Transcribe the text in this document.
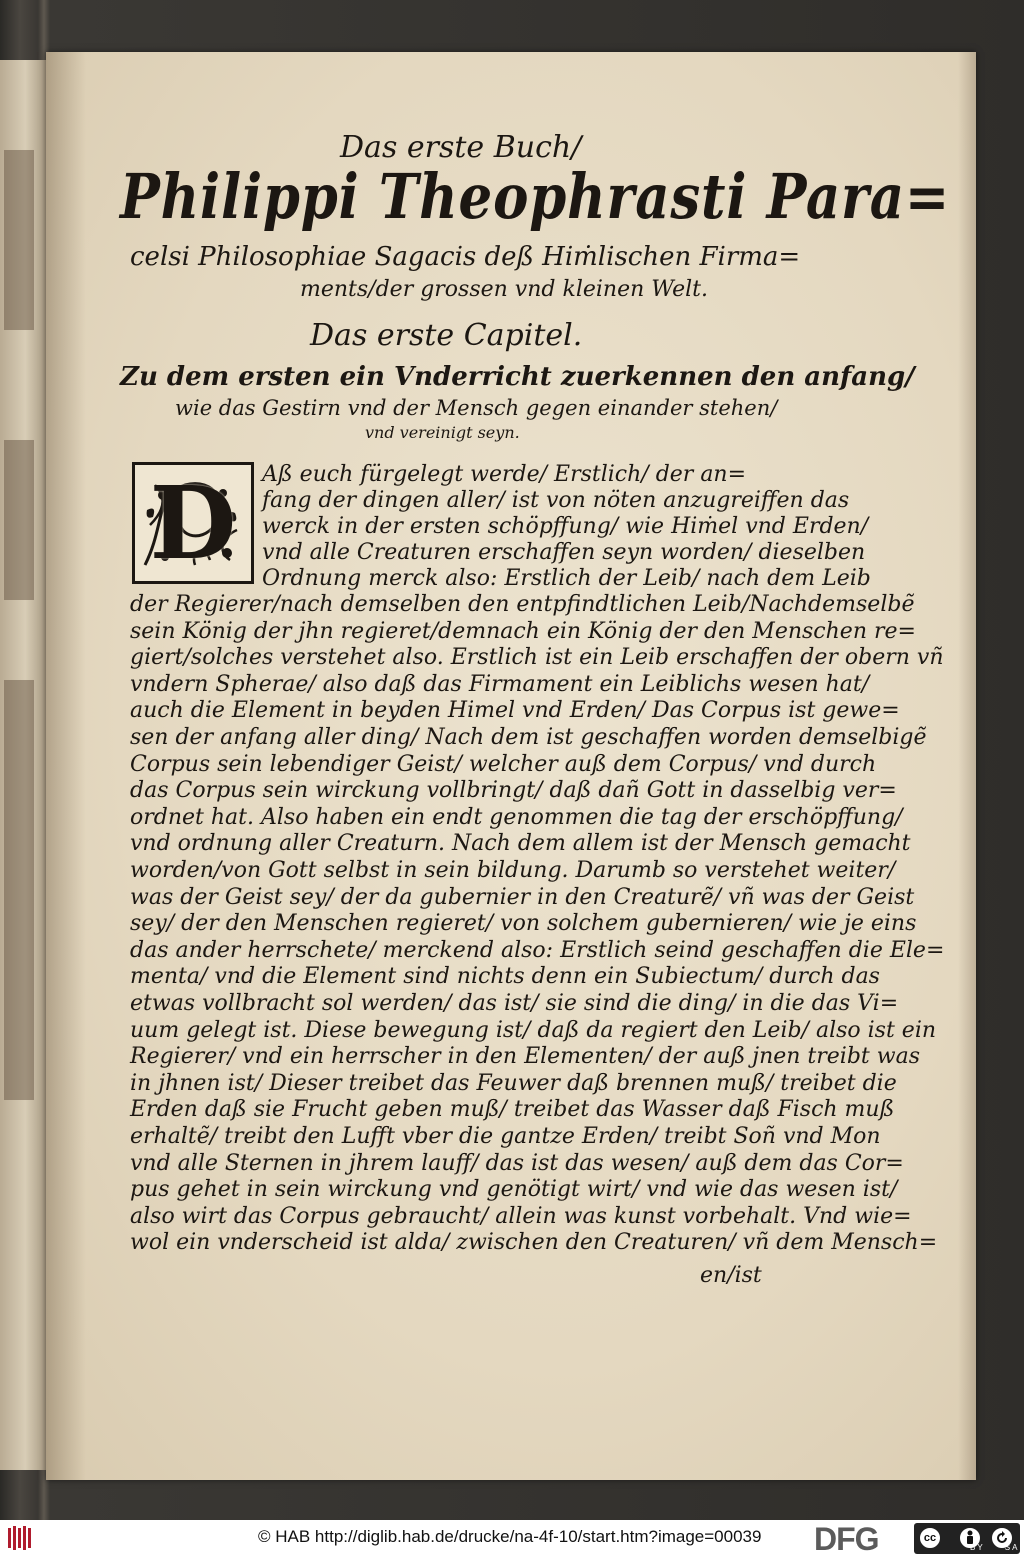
Das erste Buch/
Philippi Theophrasti Para=
celsi Philosophiae Sagacis deß Hiṁlischen Firma=
ments/der grossen vnd kleinen Welt.
Das erste Capitel.
Zu dem ersten ein Vnderricht zuerkennen den anfang/
wie das Gestirn vnd der Mensch gegen einander stehen/
vnd vereinigt seyn.
D	Aß euch fürgelegt werde/ Erstlich/ der an=
fang der dingen aller/ ist von nöten anzugreiffen das
werck in der ersten schöpffung/ wie Hiṁel vnd Erden/
vnd alle Creaturen erschaffen seyn worden/ dieselben
Ordnung merck also: Erstlich der Leib/ nach dem Leib
der Regierer/nach demselben den entpfindtlichen Leib/Nachdemselbẽ
sein König der jhn regieret/demnach ein König der den Menschen re=
giert/solches verstehet also. Erstlich ist ein Leib erschaffen der obern vñ
vndern Spherae/ also daß das Firmament ein Leiblichs wesen hat/
auch die Element in beyden Himel vnd Erden/ Das Corpus ist gewe=
sen der anfang aller ding/ Nach dem ist geschaffen worden demselbigẽ
Corpus sein lebendiger Geist/ welcher auß dem Corpus/ vnd durch
das Corpus sein wirckung vollbringt/ daß dañ Gott in dasselbig ver=
ordnet hat. Also haben ein endt genommen die tag der erschöpffung/
vnd ordnung aller Creaturn. Nach dem allem ist der Mensch gemacht
worden/von Gott selbst in sein bildung. Darumb so verstehet weiter/
was der Geist sey/ der da gubernier in den Creaturẽ/ vñ was der Geist
sey/ der den Menschen regieret/ von solchem gubernieren/ wie je eins
das ander herrschete/ merckend also: Erstlich seind geschaffen die Ele=
menta/ vnd die Element sind nichts denn ein Subiectum/ durch das
etwas vollbracht sol werden/ das ist/ sie sind die ding/ in die das Vi=
uum gelegt ist. Diese bewegung ist/ daß da regiert den Leib/ also ist ein
Regierer/ vnd ein herrscher in den Elementen/ der auß jnen treibt was
in jhnen ist/ Dieser treibet das Feuwer daß brennen muß/ treibet die
Erden daß sie Frucht geben muß/ treibet das Wasser daß Fisch muß
erhaltẽ/ treibt den Lufft vber die gantze Erden/ treibt Soñ vnd Mon
vnd alle Sternen in jhrem lauff/ das ist das wesen/ auß dem das Cor=
pus gehet in sein wirckung vnd genötigt wirt/ vnd wie das wesen ist/
also wirt das Corpus gebraucht/ allein was kunst vorbehalt. Vnd wie=
wol ein vnderscheid ist alda/ zwischen den Creaturen/ vñ dem Mensch=
en/ist
© HAB http://diglib.hab.de/drucke/na-4f-10/start.htm?image=00039 DFG	cc
BY	SA
